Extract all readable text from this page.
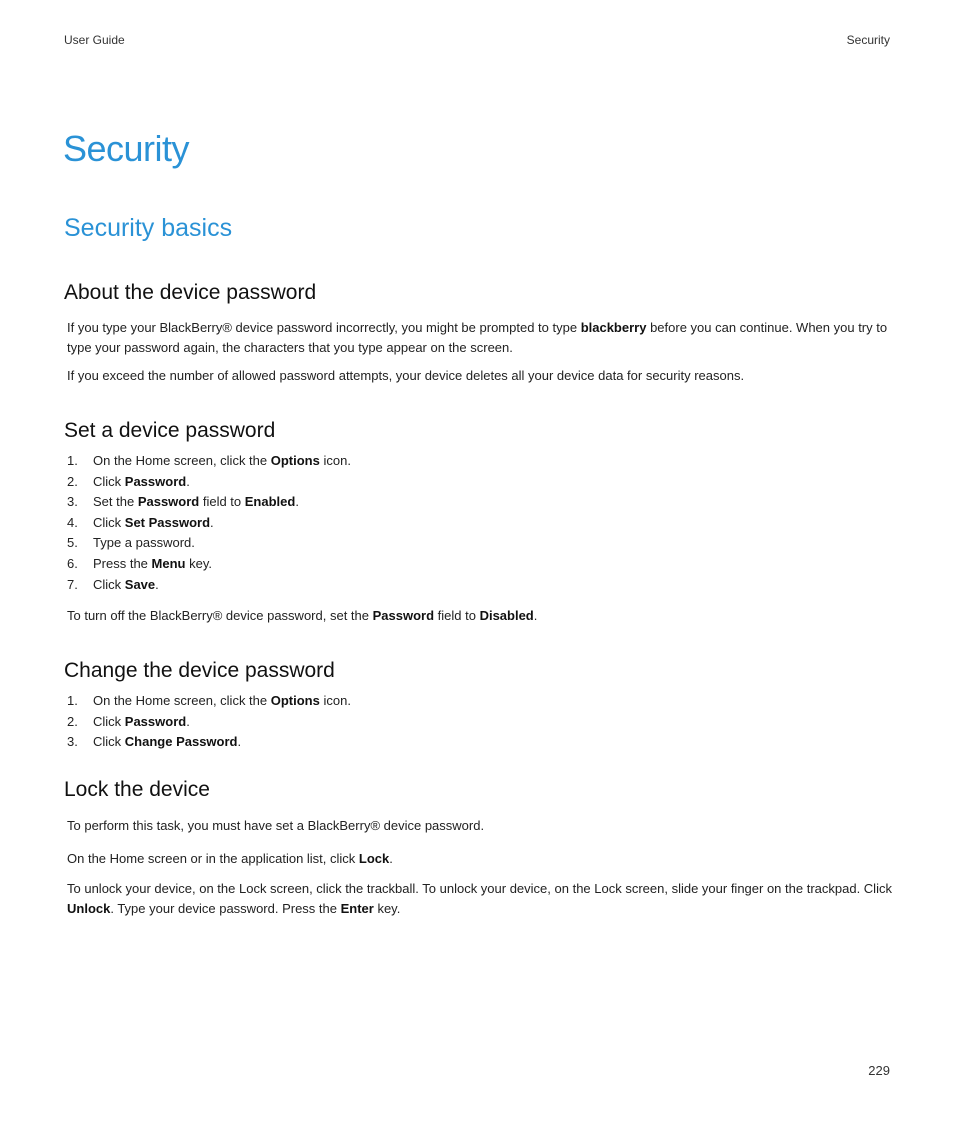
User Guide	Security
Security
Security basics
About the device password

If you type your BlackBerry® device password incorrectly, you might be prompted to type blackberry before you can continue. When you try to type your password again, the characters that you type appear on the screen.

If you exceed the number of allowed password attempts, your device deletes all your device data for security reasons.

Set a device password
1.	On the Home screen, click the Options icon.
2.	Click Password.
3.	Set the Password field to Enabled.
4.	Click Set Password.
5.	Type a password.
6.	Press the Menu key.
7.	Click Save.

To turn off the BlackBerry® device password, set the Password field to Disabled.

Change the device password
1.	On the Home screen, click the Options icon.
2.	Click Password.
3.	Click Change Password.
Lock the device

To perform this task, you must have set a BlackBerry® device password.

On the Home screen or in the application list, click Lock.

To unlock your device, on the Lock screen, click the trackball. To unlock your device, on the Lock screen, slide your finger on the trackpad. Click Unlock. Type your device password. Press the Enter key.

229
